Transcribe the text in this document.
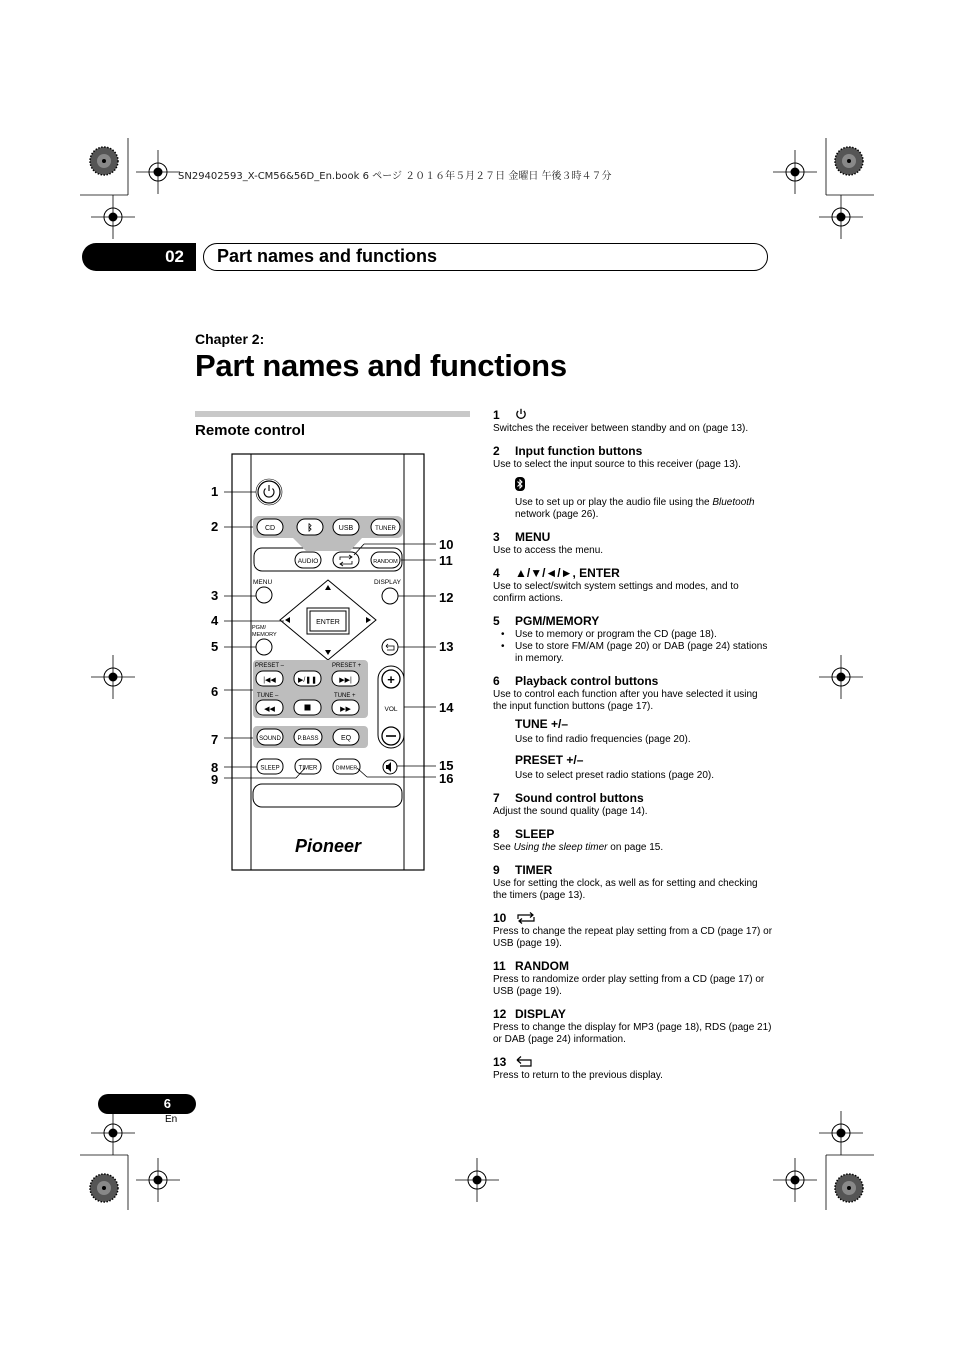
SN29402593_X-CM56&56D_En.book 6 ページ ２０１６年５月２７日 金曜日 午後３時４７分
02	Part names and functions
Chapter 2:
Part names and functions
Remote control
CD	ᛒ	USB	TUNER
AUDIO	RANDOM
MENU	DISPLAY
ENTER
PGM/
MEMORY
PRESET –	PRESET +
|◀◀	▶/❚❚	▶▶|
TUNE –	TUNE +
◀◀	▶▶
+
VOL
SOUND	P.BASS	EQ
SLEEP	TIMER	DIMMER
Pioneer
1
2
3
4
5
6
7
8
9
10
11
12
13
14
15
16
1
Switches the receiver between standby and on (page 13).
2 Input function buttons
Use to select the input source to this receiver (page 13).
Use to set up or play the audio file using the Bluetooth network (page 26).
3 MENU
Use to access the menu.
4 ▲/▼/◄/►, ENTER
Use to select/switch system settings and modes, and to confirm actions.
5 PGM/MEMORY
• Use to memory or program the CD (page 18).
• Use to store FM/AM (page 20) or DAB (page 24) stations in memory.
6 Playback control buttons
Use to control each function after you have selected it using the input function buttons (page 17).
TUNE +/–
Use to find radio frequencies (page 20).
PRESET +/–
Use to select preset radio stations (page 20).
7 Sound control buttons
Adjust the sound quality (page 14).
8 SLEEP
See Using the sleep timer on page 15.
9 TIMER
Use for setting the clock, as well as for setting and checking the timers (page 13).
10
Press to change the repeat play setting from a CD (page 17) or USB (page 19).
11 RANDOM
Press to randomize order play setting from a CD (page 17) or USB (page 19).
12 DISPLAY
Press to change the display for MP3 (page 18), RDS (page 21) or DAB (page 24) information.
13
Press to return to the previous display.
6
En
